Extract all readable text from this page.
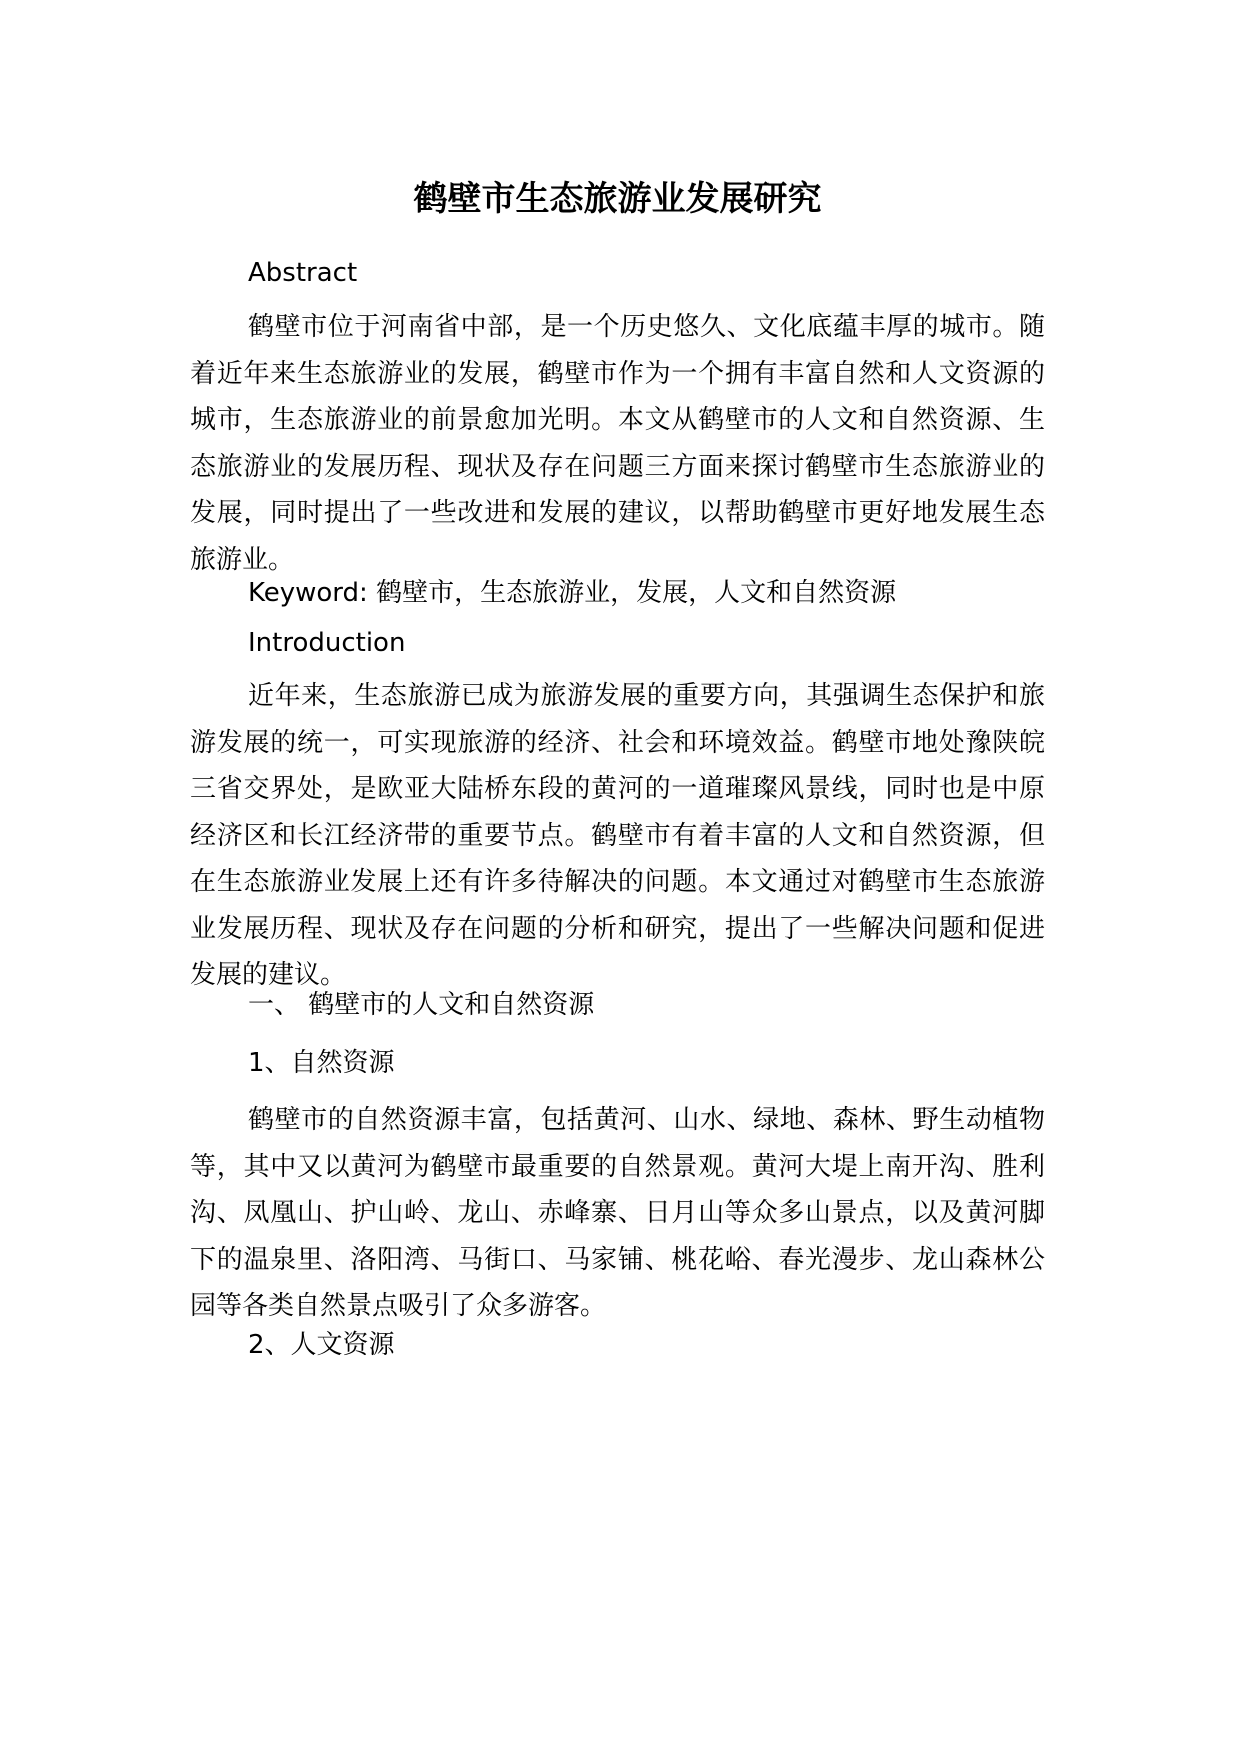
鹤壁市生态旅游业发展研究

Abstract

鹤壁市位于河南省中部，是一个历史悠久、文化底蕴丰厚的城市。随着近年来生态旅游业的发展，鹤壁市作为一个拥有丰富自然和人文资源的城市，生态旅游业的前景愈加光明。本文从鹤壁市的人文和自然资源、生态旅游业的发展历程、现状及存在问题三方面来探讨鹤壁市生态旅游业的发展，同时提出了一些改进和发展的建议，以帮助鹤壁市更好地发展生态旅游业。

Keyword: 鹤壁市，生态旅游业，发展，人文和自然资源

Introduction

近年来，生态旅游已成为旅游发展的重要方向，其强调生态保护和旅游发展的统一，可实现旅游的经济、社会和环境效益。鹤壁市地处豫陕皖三省交界处，是欧亚大陆桥东段的黄河的一道璀璨风景线，同时也是中原经济区和长江经济带的重要节点。鹤壁市有着丰富的人文和自然资源，但在生态旅游业发展上还有许多待解决的问题。本文通过对鹤壁市生态旅游业发展历程、现状及存在问题的分析和研究，提出了一些解决问题和促进发展的建议。

一、 鹤壁市的人文和自然资源

1、自然资源

鹤壁市的自然资源丰富，包括黄河、山水、绿地、森林、野生动植物等，其中又以黄河为鹤壁市最重要的自然景观。黄河大堤上南开沟、胜利沟、凤凰山、护山岭、龙山、赤峰寨、日月山等众多山景点，以及黄河脚下的温泉里、洛阳湾、马街口、马家铺、桃花峪、春光漫步、龙山森林公园等各类自然景点吸引了众多游客。

2、人文资源
